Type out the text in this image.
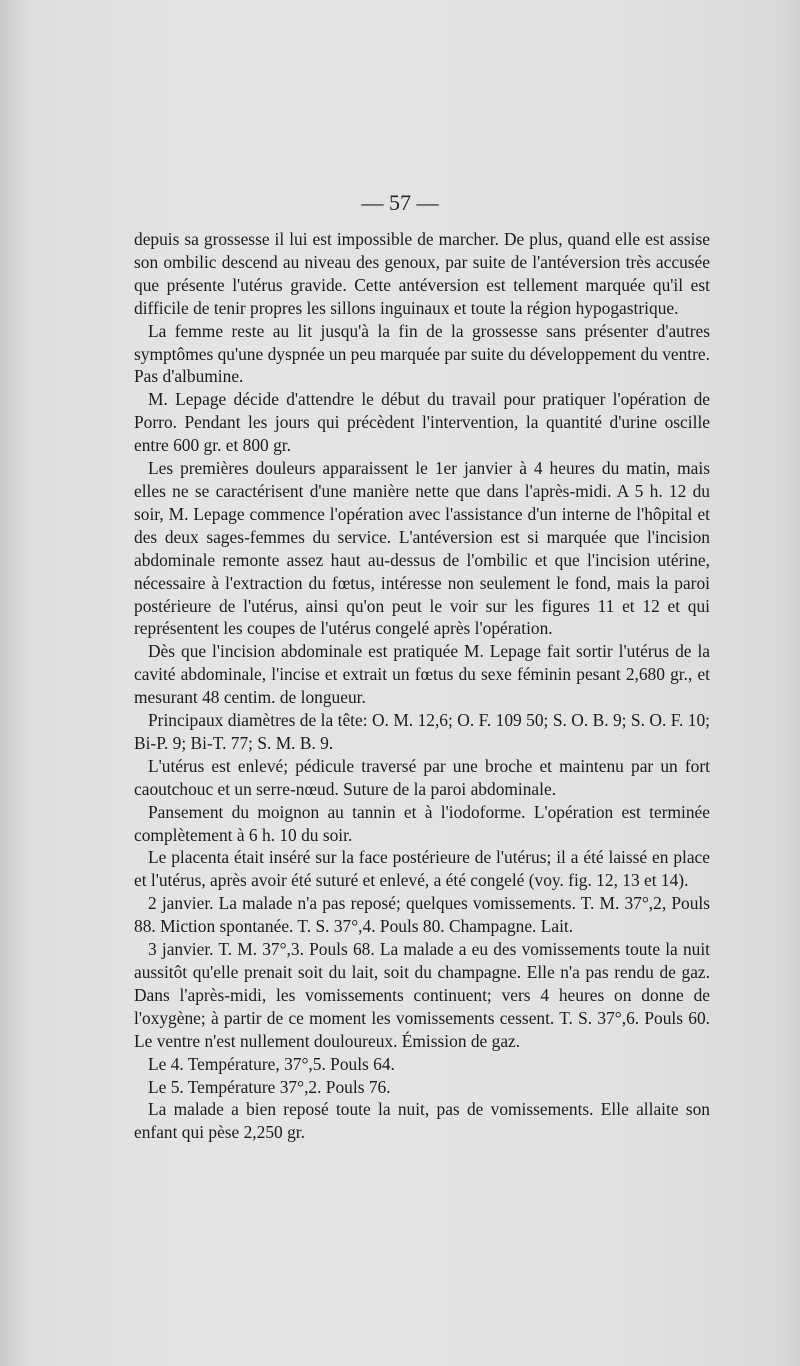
— 57 —

depuis sa grossesse il lui est impossible de marcher. De plus, quand elle est assise son ombilic descend au niveau des genoux, par suite de l'antéversion très accusée que présente l'utérus gravide. Cette antéversion est tellement marquée qu'il est difficile de tenir propres les sillons inguinaux et toute la région hypogastrique.

La femme reste au lit jusqu'à la fin de la grossesse sans présenter d'autres symptômes qu'une dyspnée un peu marquée par suite du développement du ventre. Pas d'albumine.

M. Lepage décide d'attendre le début du travail pour pratiquer l'opération de Porro. Pendant les jours qui précèdent l'intervention, la quantité d'urine oscille entre 600 gr. et 800 gr.

Les premières douleurs apparaissent le 1er janvier à 4 heures du matin, mais elles ne se caractérisent d'une manière nette que dans l'après-midi. A 5 h. 12 du soir, M. Lepage commence l'opération avec l'assistance d'un interne de l'hôpital et des deux sages-femmes du service. L'antéversion est si marquée que l'incision abdominale remonte assez haut au-dessus de l'ombilic et que l'incision utérine, nécessaire à l'extraction du fœtus, intéresse non seulement le fond, mais la paroi postérieure de l'utérus, ainsi qu'on peut le voir sur les figures 11 et 12 et qui représentent les coupes de l'utérus congelé après l'opération.

Dès que l'incision abdominale est pratiquée M. Lepage fait sortir l'utérus de la cavité abdominale, l'incise et extrait un fœtus du sexe féminin pesant 2,680 gr., et mesurant 48 centim. de longueur.

Principaux diamètres de la tête: O. M. 12,6; O. F. 109 50; S. O. B. 9; S. O. F. 10; Bi-P. 9; Bi-T. 77; S. M. B. 9.

L'utérus est enlevé; pédicule traversé par une broche et maintenu par un fort caoutchouc et un serre-nœud. Suture de la paroi abdominale.

Pansement du moignon au tannin et à l'iodoforme. L'opération est terminée complètement à 6 h. 10 du soir.

Le placenta était inséré sur la face postérieure de l'utérus; il a été laissé en place et l'utérus, après avoir été suturé et enlevé, a été congelé (voy. fig. 12, 13 et 14).

2 janvier. La malade n'a pas reposé; quelques vomissements. T. M. 37°,2, Pouls 88. Miction spontanée. T. S. 37°,4. Pouls 80. Champagne. Lait.

3 janvier. T. M. 37°,3. Pouls 68. La malade a eu des vomissements toute la nuit aussitôt qu'elle prenait soit du lait, soit du champagne. Elle n'a pas rendu de gaz. Dans l'après-midi, les vomissements continuent; vers 4 heures on donne de l'oxygène; à partir de ce moment les vomissements cessent. T. S. 37°,6. Pouls 60. Le ventre n'est nullement douloureux. Émission de gaz.

Le 4. Température, 37°,5. Pouls 64.

Le 5. Température 37°,2. Pouls 76.

La malade a bien reposé toute la nuit, pas de vomissements. Elle allaite son enfant qui pèse 2,250 gr.
